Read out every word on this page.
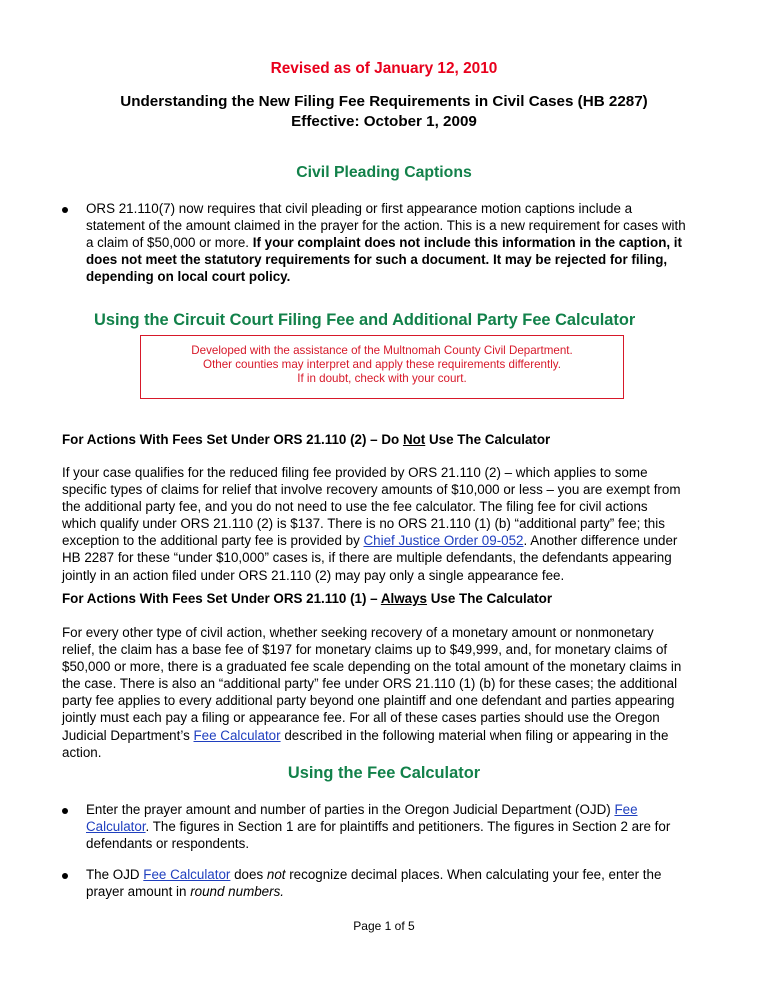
Revised as of January 12, 2010
Understanding the New Filing Fee Requirements in Civil Cases (HB 2287)
Effective: October 1, 2009
Civil Pleading Captions
ORS 21.110(7) now requires that civil pleading or first appearance motion captions include a
statement of the amount claimed in the prayer for the action. This is a new requirement for cases with
a claim of $50,000 or more. If your complaint does not include this information in the caption, it
does not meet the statutory requirements for such a document. It may be rejected for filing,
depending on local court policy.
Using the Circuit Court Filing Fee and Additional Party Fee Calculator
Developed with the assistance of the Multnomah County Civil Department.
Other counties may interpret and apply these requirements differently.
If in doubt, check with your court.
For Actions With Fees Set Under ORS 21.110 (2) – Do Not Use The Calculator
If your case qualifies for the reduced filing fee provided by ORS 21.110 (2) – which applies to some
specific types of claims for relief that involve recovery amounts of $10,000 or less – you are exempt from
the additional party fee, and you do not need to use the fee calculator. The filing fee for civil actions
which qualify under ORS 21.110 (2) is $137. There is no ORS 21.110 (1) (b) “additional party” fee; this
exception to the additional party fee is provided by Chief Justice Order 09-052. Another difference under
HB 2287 for these “under $10,000” cases is, if there are multiple defendants, the defendants appearing
jointly in an action filed under ORS 21.110 (2) may pay only a single appearance fee.
For Actions With Fees Set Under ORS 21.110 (1) – Always Use The Calculator
For every other type of civil action, whether seeking recovery of a monetary amount or nonmonetary
relief, the claim has a base fee of $197 for monetary claims up to $49,999, and, for monetary claims of
$50,000 or more, there is a graduated fee scale depending on the total amount of the monetary claims in
the case. There is also an “additional party” fee under ORS 21.110 (1) (b) for these cases; the additional
party fee applies to every additional party beyond one plaintiff and one defendant and parties appearing
jointly must each pay a filing or appearance fee. For all of these cases parties should use the Oregon
Judicial Department’s Fee Calculator described in the following material when filing or appearing in the
action.
Using the Fee Calculator
Enter the prayer amount and number of parties in the Oregon Judicial Department (OJD) Fee
Calculator. The figures in Section 1 are for plaintiffs and petitioners. The figures in Section 2 are for
defendants or respondents.
The OJD Fee Calculator does not recognize decimal places. When calculating your fee, enter the
prayer amount in round numbers.
Page 1 of 5
